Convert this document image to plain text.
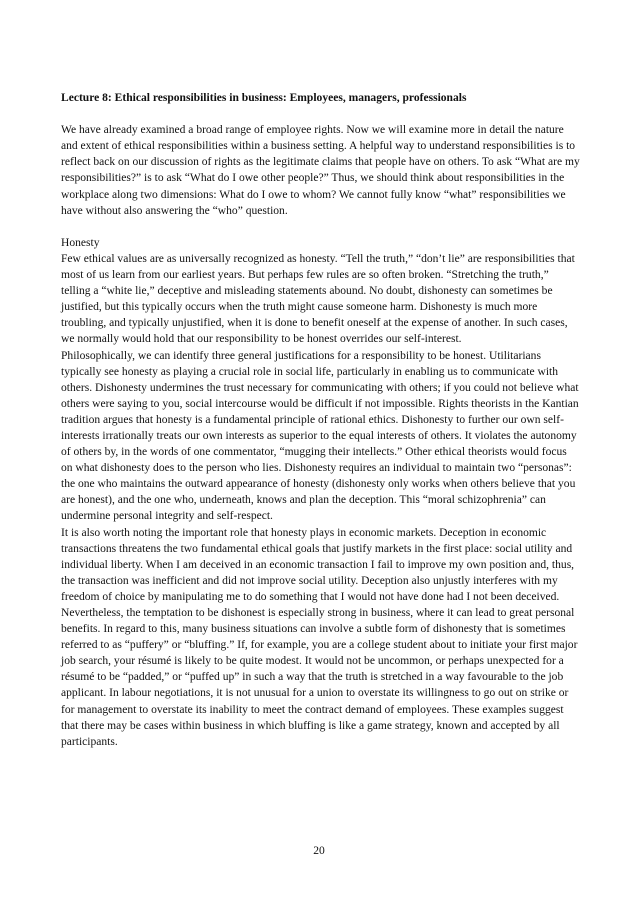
Lecture 8: Ethical responsibilities in business: Employees, managers, professionals

We have already examined a broad range of employee rights. Now we will examine more in detail the nature and extent of ethical responsibilities within a business setting. A helpful way to understand responsibilities is to reflect back on our discussion of rights as the legitimate claims that people have on others. To ask “What are my responsibilities?” is to ask “What do I owe other people?” Thus, we should think about responsibilities in the workplace along two dimensions: What do I owe to whom? We cannot fully know “what” responsibilities we have without also answering the “who” question.

Honesty

Few ethical values are as universally recognized as honesty. “Tell the truth,” “don’t lie” are responsibilities that most of us learn from our earliest years. But perhaps few rules are so often broken. “Stretching the truth,” telling a “white lie,” deceptive and misleading statements abound. No doubt, dishonesty can sometimes be justified, but this typically occurs when the truth might cause someone harm. Dishonesty is much more troubling, and typically unjustified, when it is done to benefit oneself at the expense of another. In such cases, we normally would hold that our responsibility to be honest overrides our self-interest.

Philosophically, we can identify three general justifications for a responsibility to be honest. Utilitarians typically see honesty as playing a crucial role in social life, particularly in enabling us to communicate with others. Dishonesty undermines the trust necessary for communicating with others; if you could not believe what others were saying to you, social intercourse would be difficult if not impossible. Rights theorists in the Kantian tradition argues that honesty is a fundamental principle of rational ethics. Dishonesty to further our own self-interests irrationally treats our own interests as superior to the equal interests of others. It violates the autonomy of others by, in the words of one commentator, “mugging their intellects.” Other ethical theorists would focus on what dishonesty does to the person who lies. Dishonesty requires an individual to maintain two “personas”: the one who maintains the outward appearance of honesty (dishonesty only works when others believe that you are honest), and the one who, underneath, knows and plan the deception. This “moral schizophrenia” can undermine personal integrity and self-respect.

It is also worth noting the important role that honesty plays in economic markets. Deception in economic transactions threatens the two fundamental ethical goals that justify markets in the first place: social utility and individual liberty. When I am deceived in an economic transaction I fail to improve my own position and, thus, the transaction was inefficient and did not improve social utility. Deception also unjustly interferes with my freedom of choice by manipulating me to do something that I would not have done had I not been deceived.

Nevertheless, the temptation to be dishonest is especially strong in business, where it can lead to great personal benefits. In regard to this, many business situations can involve a subtle form of dishonesty that is sometimes referred to as “puffery” or “bluffing.” If, for example, you are a college student about to initiate your first major job search, your résumé is likely to be quite modest. It would not be uncommon, or perhaps unexpected for a résumé to be “padded,” or “puffed up” in such a way that the truth is stretched in a way favourable to the job applicant. In labour negotiations, it is not unusual for a union to overstate its willingness to go out on strike or for management to overstate its inability to meet the contract demand of employees. These examples suggest that there may be cases within business in which bluffing is like a game strategy, known and accepted by all participants.

20
